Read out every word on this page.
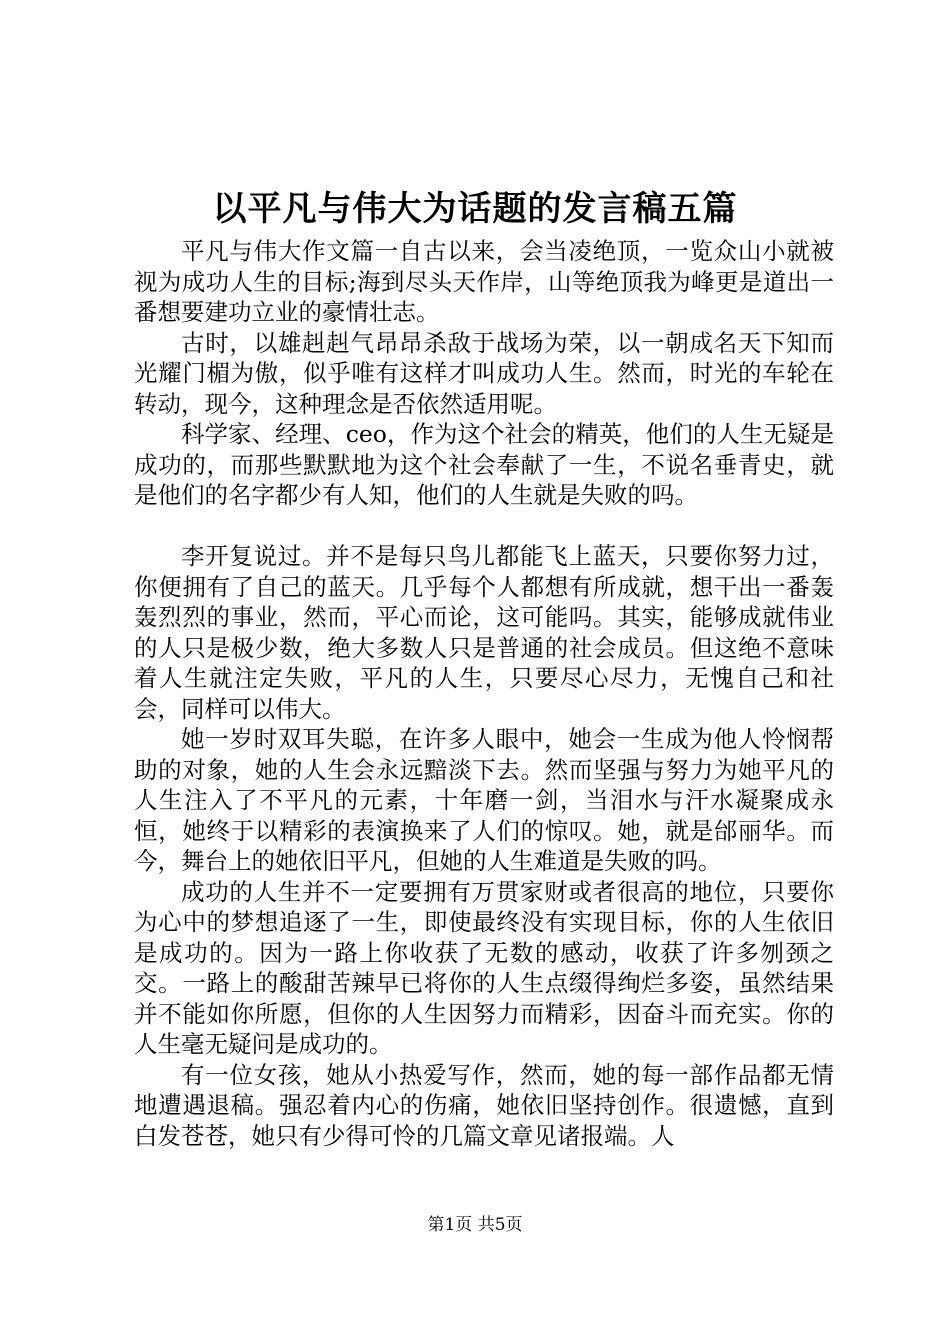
以平凡与伟大为话题的发言稿五篇

平凡与伟大作文篇一自古以来，会当凌绝顶，一览众山小就被视为成功人生的目标;海到尽头天作岸，山等绝顶我为峰更是道出一番想要建功立业的豪情壮志。

古时，以雄赳赳气昂昂杀敌于战场为荣，以一朝成名天下知而光耀门楣为傲，似乎唯有这样才叫成功人生。然而，时光的车轮在转动，现今，这种理念是否依然适用呢。

科学家、经理、ceo，作为这个社会的精英，他们的人生无疑是成功的，而那些默默地为这个社会奉献了一生，不说名垂青史，就是他们的名字都少有人知，他们的人生就是失败的吗。

李开复说过。并不是每只鸟儿都能飞上蓝天，只要你努力过，你便拥有了自己的蓝天。几乎每个人都想有所成就，想干出一番轰轰烈烈的事业，然而，平心而论，这可能吗。其实，能够成就伟业的人只是极少数，绝大多数人只是普通的社会成员。但这绝不意味着人生就注定失败，平凡的人生，只要尽心尽力，无愧自己和社会，同样可以伟大。

她一岁时双耳失聪，在许多人眼中，她会一生成为他人怜悯帮助的对象，她的人生会永远黯淡下去。然而坚强与努力为她平凡的人生注入了不平凡的元素，十年磨一剑，当泪水与汗水凝聚成永恒，她终于以精彩的表演换来了人们的惊叹。她，就是邰丽华。而今，舞台上的她依旧平凡，但她的人生难道是失败的吗。

成功的人生并不一定要拥有万贯家财或者很高的地位，只要你为心中的梦想追逐了一生，即使最终没有实现目标，你的人生依旧是成功的。因为一路上你收获了无数的感动，收获了许多刎颈之交。一路上的酸甜苦辣早已将你的人生点缀得绚烂多姿，虽然结果并不能如你所愿，但你的人生因努力而精彩，因奋斗而充实。你的人生毫无疑问是成功的。

有一位女孩，她从小热爱写作，然而，她的每一部作品都无情地遭遇退稿。强忍着内心的伤痛，她依旧坚持创作。很遗憾，直到白发苍苍，她只有少得可怜的几篇文章见诸报端。人

第1页 共5页
